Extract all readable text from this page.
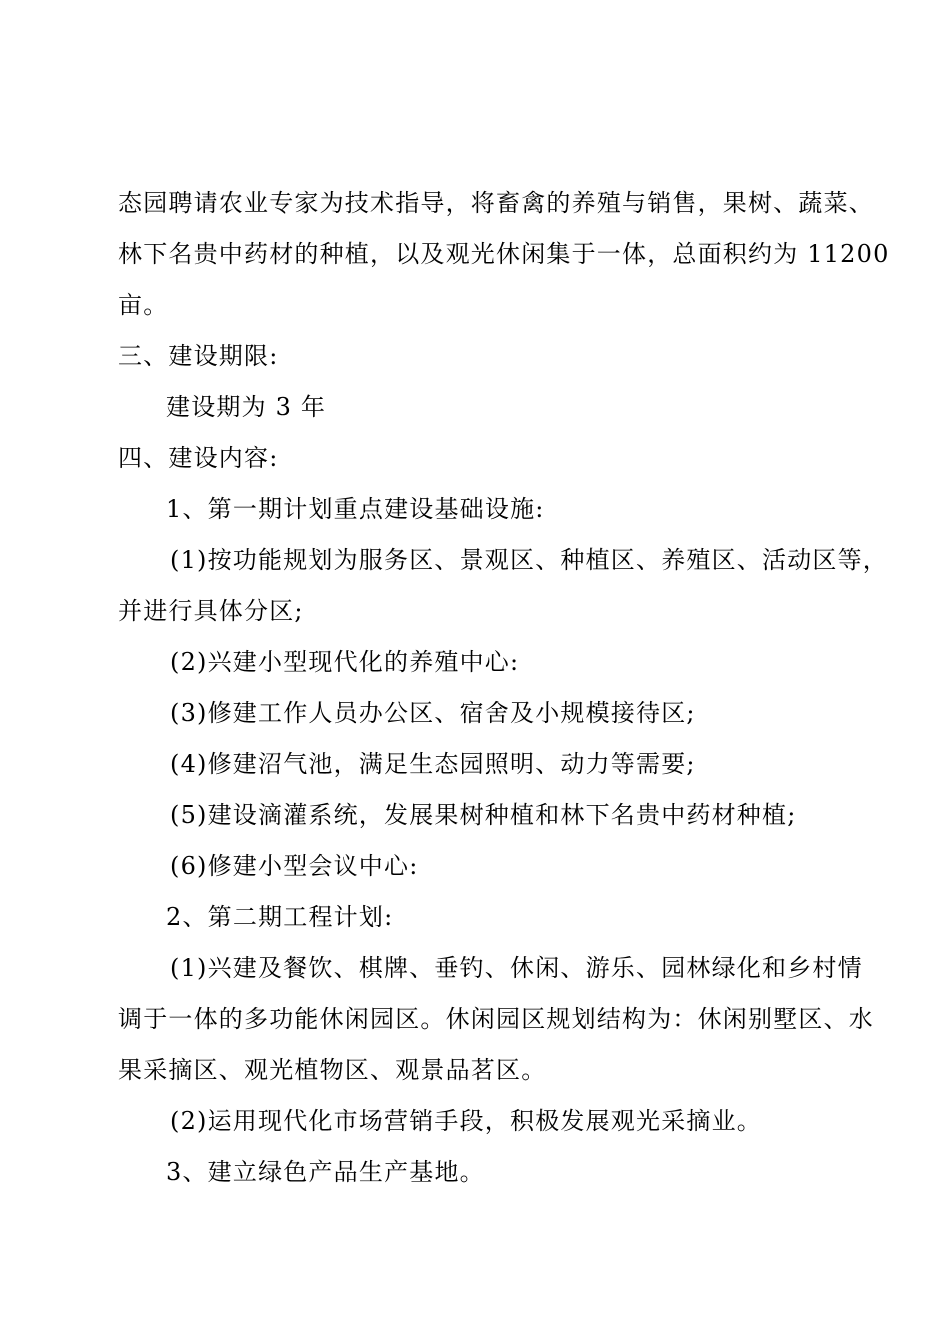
态园聘请农业专家为技术指导，将畜禽的养殖与销售，果树、蔬菜、
林下名贵中药材的种植，以及观光休闲集于一体，总面积约为 11200
亩。
三、建设期限:
建设期为 3 年
四、建设内容:
1、第一期计划重点建设基础设施:
(1)按功能规划为服务区、景观区、种植区、养殖区、活动区等，
并进行具体分区;
(2)兴建小型现代化的养殖中心:
(3)修建工作人员办公区、宿舍及小规模接待区;
(4)修建沼气池，满足生态园照明、动力等需要;
(5)建设滴灌系统，发展果树种植和林下名贵中药材种植;
(6)修建小型会议中心:
2、第二期工程计划:
(1)兴建及餐饮、棋牌、垂钓、休闲、游乐、园林绿化和乡村情
调于一体的多功能休闲园区。休闲园区规划结构为：休闲别墅区、水
果采摘区、观光植物区、观景品茗区。
(2)运用现代化市场营销手段，积极发展观光采摘业。
3、建立绿色产品生产基地。
